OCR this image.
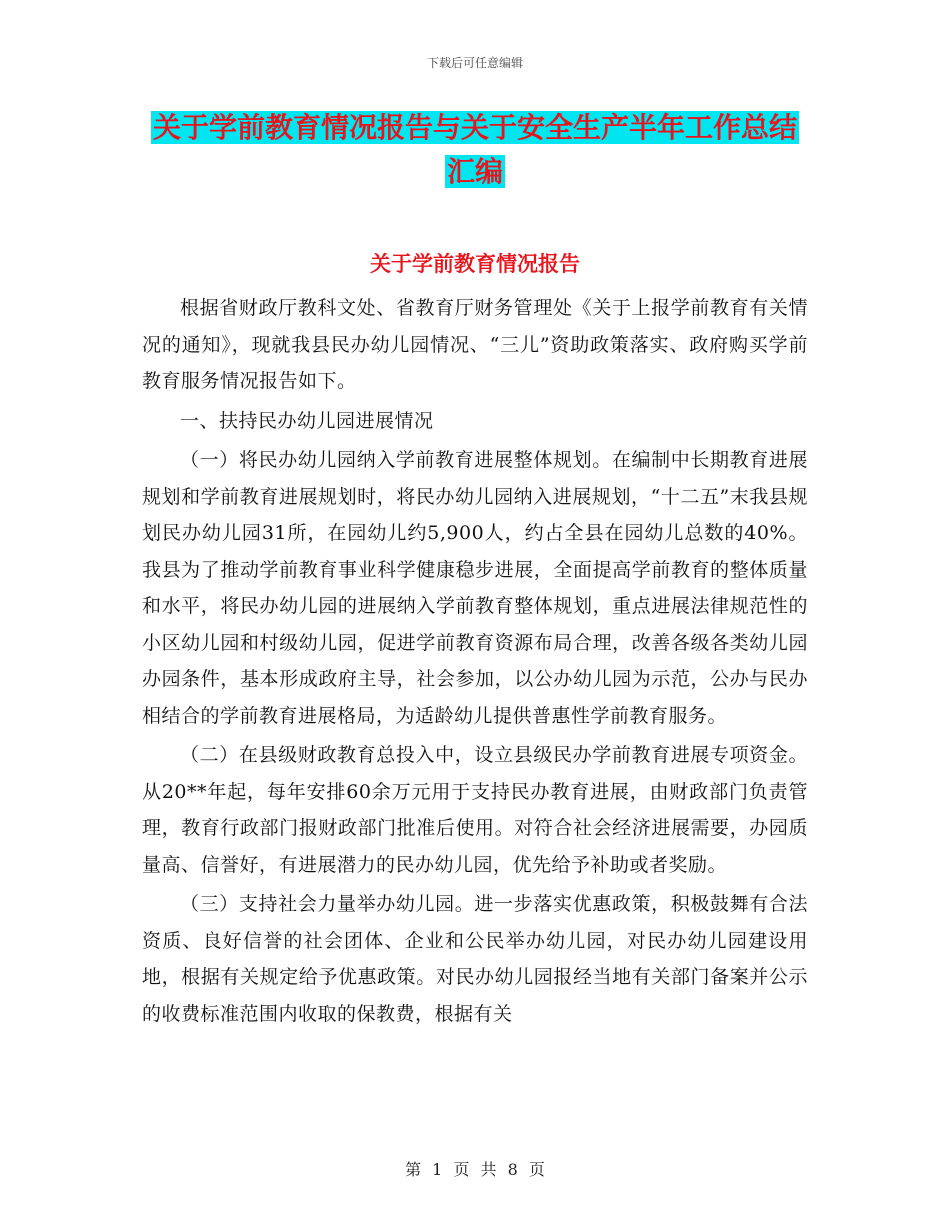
下载后可任意编辑
关于学前教育情况报告与关于安全生产半年工作总结
汇编
关于学前教育情况报告

根据省财政厅教科文处、省教育厅财务管理处《关于上报学前教育有关情况的通知》，现就我县民办幼儿园情况、“三儿”资助政策落实、政府购买学前教育服务情况报告如下。

一、扶持民办幼儿园进展情况

（一）将民办幼儿园纳入学前教育进展整体规划。在编制中长期教育进展规划和学前教育进展规划时，将民办幼儿园纳入进展规划，“十二五”末我县规划民办幼儿园31所，在园幼儿约5,900人，约占全县在园幼儿总数的40%。我县为了推动学前教育事业科学健康稳步进展，全面提高学前教育的整体质量和水平，将民办幼儿园的进展纳入学前教育整体规划，重点进展法律规范性的小区幼儿园和村级幼儿园，促进学前教育资源布局合理，改善各级各类幼儿园办园条件，基本形成政府主导，社会参加，以公办幼儿园为示范，公办与民办相结合的学前教育进展格局，为适龄幼儿提供普惠性学前教育服务。

（二）在县级财政教育总投入中，设立县级民办学前教育进展专项资金。从20**年起，每年安排60余万元用于支持民办教育进展，由财政部门负责管理，教育行政部门报财政部门批准后使用。对符合社会经济进展需要，办园质量高、信誉好，有进展潜力的民办幼儿园，优先给予补助或者奖励。

（三）支持社会力量举办幼儿园。进一步落实优惠政策，积极鼓舞有合法资质、良好信誉的社会团体、企业和公民举办幼儿园，对民办幼儿园建设用地，根据有关规定给予优惠政策。对民办幼儿园报经当地有关部门备案并公示的收费标准范围内收取的保教费，根据有关

第 1 页 共 8 页
